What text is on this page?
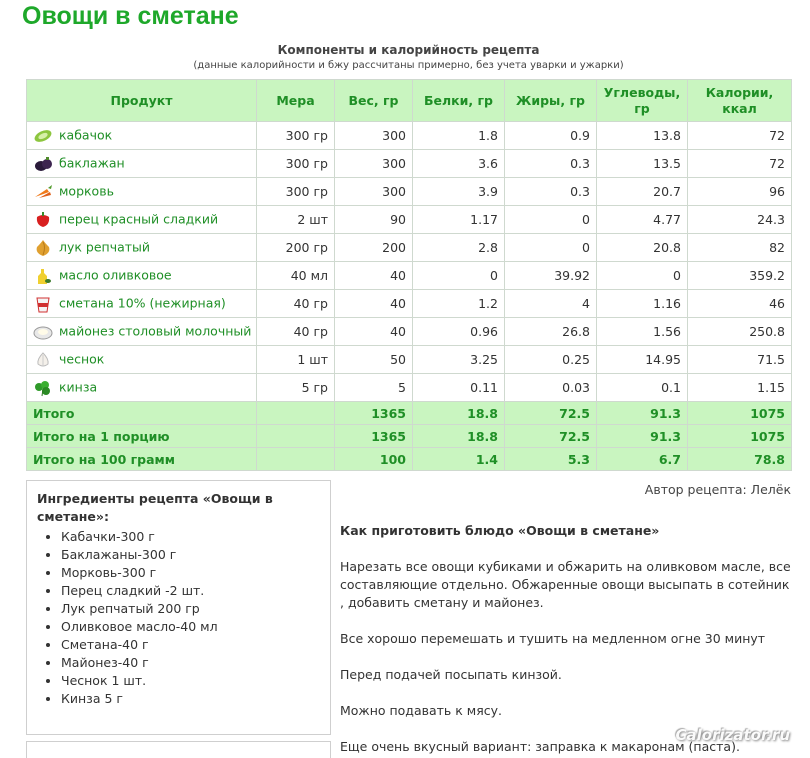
Овощи в сметане
Компоненты и калорийность рецепта
(данные калорийности и бжу рассчитаны примерно, без учета уварки и ужарки)
Продукт	Мера	Вес, гр	Белки, гр	Жиры, гр	Углеводы, гр	Калории, ккал
кабачок	300 гр	300	1.8	0.9	13.8	72
баклажан	300 гр	300	3.6	0.3	13.5	72
морковь	300 гр	300	3.9	0.3	20.7	96
перец красный сладкий	2 шт	90	1.17	0	4.77	24.3
лук репчатый	200 гр	200	2.8	0	20.8	82
масло оливковое	40 мл	40	0	39.92	0	359.2
сметана 10% (нежирная)	40 гр	40	1.2	4	1.16	46
майонез столовый молочный	40 гр	40	0.96	26.8	1.56	250.8
чеснок	1 шт	50	3.25	0.25	14.95	71.5
кинза	5 гр	5	0.11	0.03	0.1	1.15
Итого		1365	18.8	72.5	91.3	1075
Итого на 1 порцию		1365	18.8	72.5	91.3	1075
Итого на 100 грамм		100	1.4	5.3	6.7	78.8
Ингредиенты рецепта «Овощи в сметане»:
• Кабачки-300 г
• Баклажаны-300 г
• Морковь-300 г
• Перец сладкий -2 шт.
• Лук репчатый 200 гр
• Оливковое масло-40 мл
• Сметана-40 г
• Майонез-40 г
• Чеснок 1 шт.
• Кинза 5 г
Автор рецепта: Лелёк
Как приготовить блюдо «Овощи в сметане»

Нарезать все овощи кубиками и обжарить на оливковом масле, все составляющие отдельно. Обжаренные овощи высыпать в сотейник , добавить сметану и майонез.

Все хорошо перемешать и тушить на медленном огне 30 минут

Перед подачей посыпать кинзой.

Можно подавать к мясу.

Еще очень вкусный вариант: заправка к макаронам (паста).

Calorizator.ru
